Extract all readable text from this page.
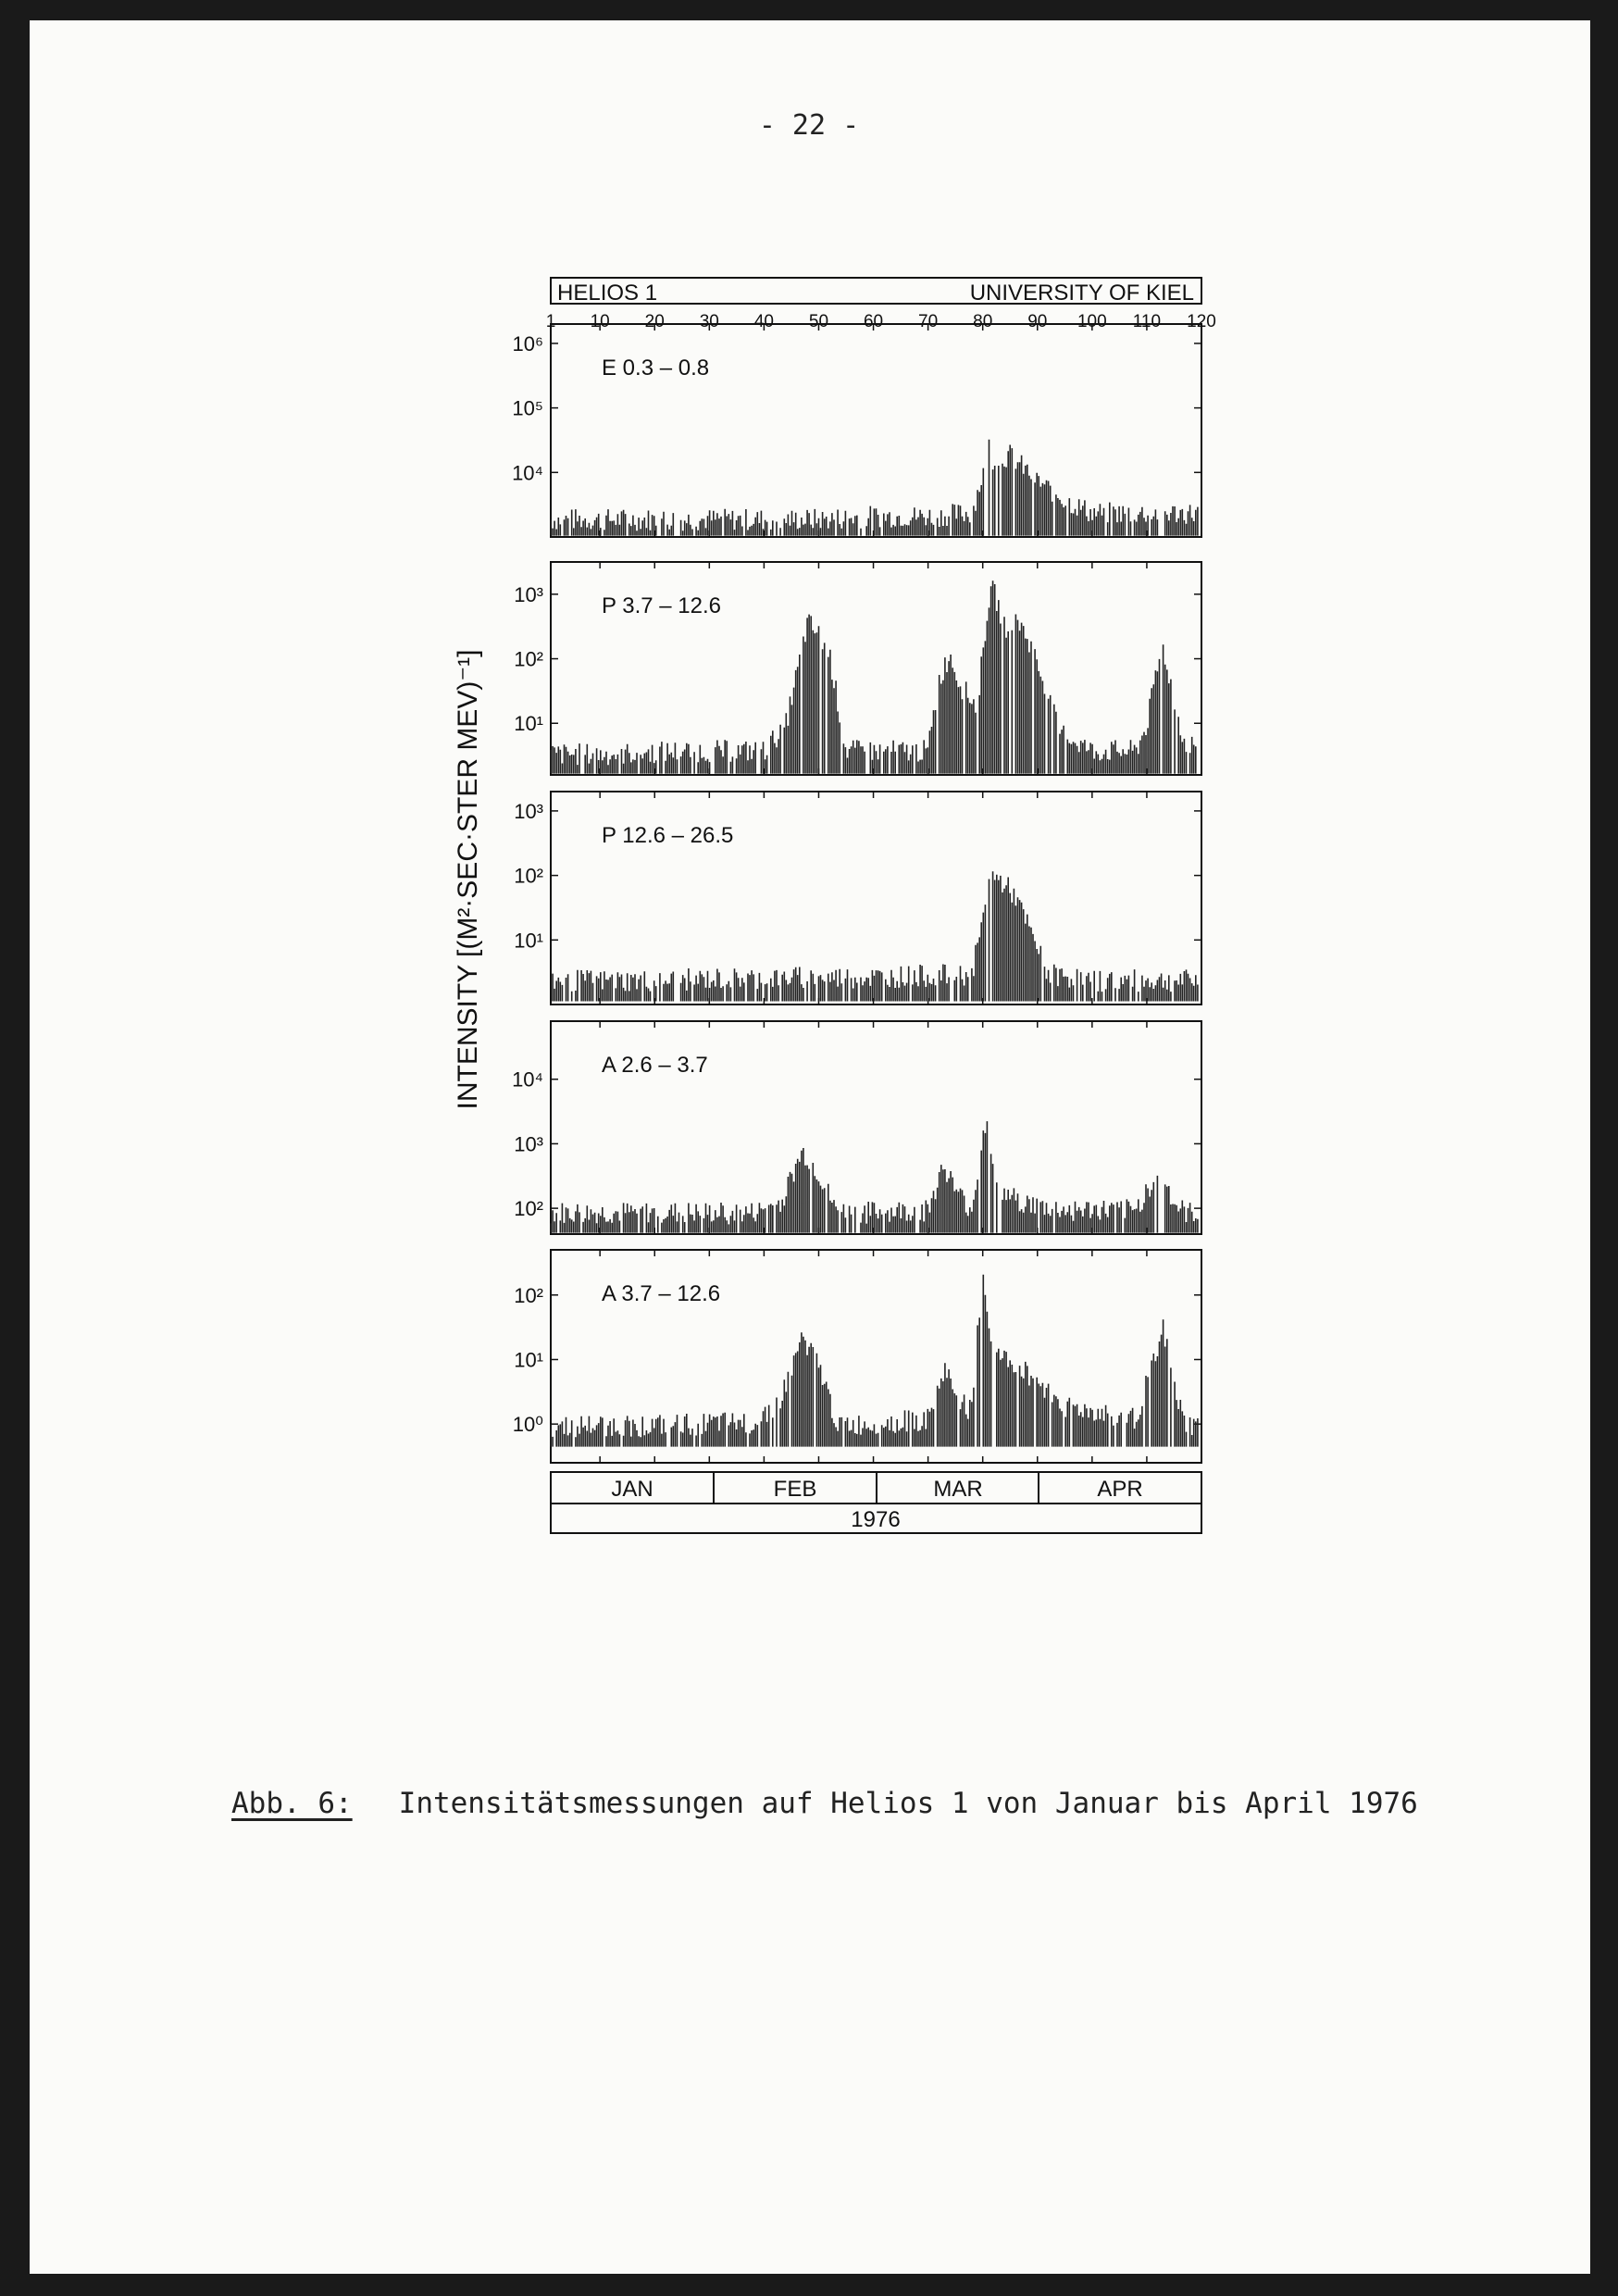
- 22 -
HELIOS 1	UNIVERSITY OF KIEL
INTENSITY [(M²·SEC·STER MEV)⁻¹]
1 10 20 30 40 50 60 70 80 90 100 110 120
10⁶
10⁵
10⁴
E 0.3 – 0.8
10³
10²
10¹
P 3.7 – 12.6
10³
10²
10¹
P 12.6 – 26.5
10⁴
10³
10²
A 2.6 – 3.7
10²
10¹
10⁰
A 3.7 – 12.6
JAN	FEB	MAR	APR
1976
Abb. 6: Intensitätsmessungen auf Helios 1 von Januar bis April 1976
